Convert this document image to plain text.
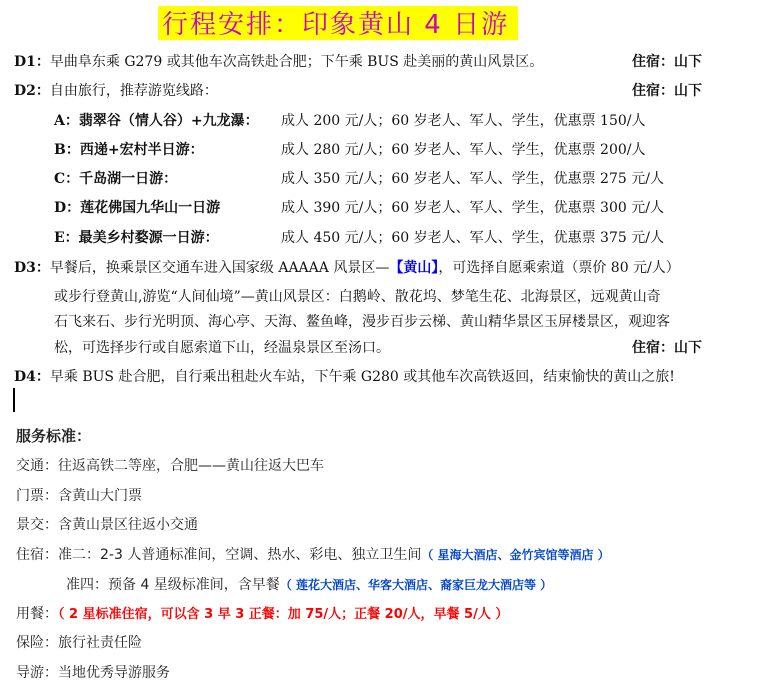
行程安排：印象黄山 4 日游
D1：早曲阜东乘 G279 或其他车次高铁赴合肥；下午乘 BUS 赴美丽的黄山风景区。	住宿：山下
D2：自由旅行，推荐游览线路：	住宿：山下
A：翡翠谷（情人谷）+九龙瀑： 成人 200 元/人；60 岁老人、军人、学生，优惠票 150/人
B：西递+宏村半日游：	成人 280 元/人；60 岁老人、军人、学生，优惠票 200/人
C：千岛湖一日游：	成人 350 元/人；60 岁老人、军人、学生，优惠票 275 元/人
D：莲花佛国九华山一日游	成人 390 元/人；60 岁老人、军人、学生，优惠票 300 元/人
E：最美乡村婺源一日游：	成人 450 元/人；60 岁老人、军人、学生，优惠票 375 元/人
D3：早餐后，换乘景区交通车进入国家级 AAAAA 风景区—【黄山】，可选择自愿乘索道（票价 80 元/人）
或步行登黄山,游览“人间仙境”—黄山风景区：白鹅岭、散花坞、梦笔生花、北海景区，远观黄山奇
石飞来石、步行光明顶、海心亭、天海、鳌鱼峰，漫步百步云梯、黄山精华景区玉屏楼景区，观迎客
松，可选择步行或自愿索道下山，经温泉景区至汤口。	住宿：山下
D4：早乘 BUS 赴合肥，自行乘出租赴火车站，下午乘 G280 或其他车次高铁返回，结束愉快的黄山之旅!
服务标准：
交通：往返高铁二等座，合肥——黄山往返大巴车
门票：含黄山大门票
景交：含黄山景区往返小交通
住宿：准二：2-3 人普通标准间，空调、热水、彩电、独立卫生间（ 星海大酒店、金竹宾馆等酒店 ）
准四：预备 4 星级标准间，含早餐（ 莲花大酒店、华客大酒店、裔家巨龙大酒店等 ）
用餐：（ 2 星标准住宿，可以含 3 早 3 正餐：加 75/人；正餐 20/人，早餐 5/人 ）
保险：旅行社责任险
导游：当地优秀导游服务
